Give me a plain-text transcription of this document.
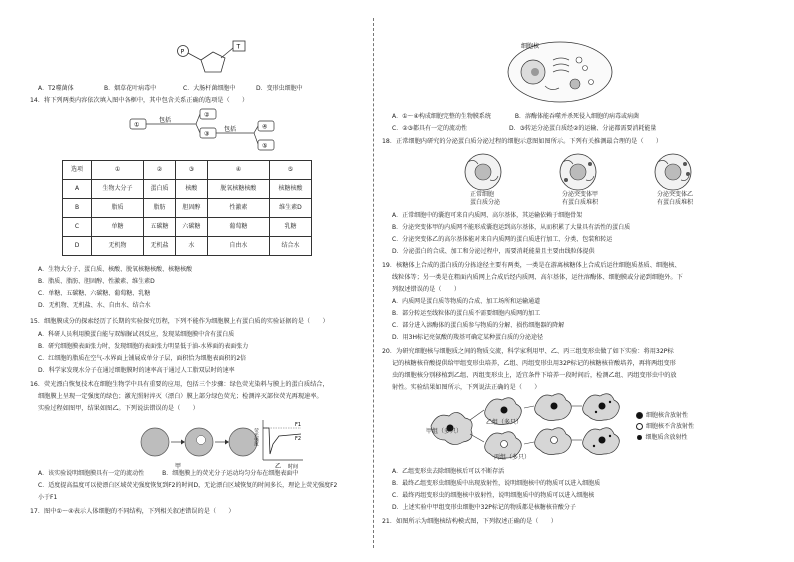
P
T
A．T2噬菌体	B．烟草花叶病毒中	C．大肠杆菌细胞中	D．变形虫细胞中
14．将下列两类内容依次填入图中各框中，其中包含关系正确的选项是（　　）
①
包括
②
③
包括	④
⑤
选项	①	②	③	④	⑤
A	生物大分子	蛋白质	核酸	脱氧核糖核酸	核糖核酸
B	脂质	脂肪	胆固醇	性激素	维生素D
C	单糖	五碳糖	六碳糖	葡萄糖	乳糖
D	无机物	无机盐	水	自由水	结合水
A．生物大分子、蛋白质、核酸、脱氧核糖核酸、核糖核酸
B．脂质、脂肪、胆固醇、性激素、维生素D
C．单糖、五碳糖、六碳糖、葡萄糖、乳糖
D．无机物、无机盐、水、自由水、结合水
15．细胞膜成分的探索经历了长期的实验探究历程，下列不能作为细胞膜上有蛋白质的实验证据的是（　　）
A．科研人员利用膜蛋白能与双缩脲试剂反应，发现某细胞膜中含有蛋白质
B．研究细胞膜表面张力时，发现细胞的表面张力明显低于油-水界面的表面张力
C．红细胞的脂质在空气-水界面上铺展成单分子层，面积恰为细胞表面积的2倍
D．科学家发现水分子在通过细胞膜时的速率高于通过人工脂双层时的速率
16．荧光漂白恢复技术在细胞生物学中具有重要的应用，包括三个步骤：绿色荧光染料与膜上的蛋白质结合，
细胞膜上呈现一定强度的绿色；激光照射淬灭（漂白）膜上部分绿色荧光；检测淬灭部位荧光再现速率。
实验过程如图甲，结果如图乙。下列说法错误的是（　　）
甲
荧光强度
F1
F2
乙 时间
A．该实验说明细胞膜具有一定的流动性　　　B．细胞膜上的荧光分子运动均匀分布在细胞表面中
C．适度提高温度可以使漂白区域荧光强度恢复到F2的时间D，无论漂白区域恢复的时间多长，理论上荧光强度F2
小于F1
17．图中①～④表示人体细胞的不同结构，下列相关叙述错误的是（　　）
细胞核
A．①～④构成细胞完整的生物膜系统　　　　B．溶酶体能吞噬并杀死侵入细胞的病毒或病菌
C．②③都具有一定的流动性　　　　　　　D．③转运分泌蛋白质经②的运输、分泌都需要消耗能量
18．正常细胞内研究的分泌蛋白质分泌过程的细胞示意图如图所示。下列有关推测最合理的是（　　）
正常细胞
蛋白质分泌
分泌突变体甲
有蛋白质堆积
分泌突变体乙
有蛋白质堆积
A．正常细胞中的囊泡可来自内质网、高尔基体，其运输依赖于细胞骨架
B．分泌突变体甲的内质网不能形成囊泡运到高尔基体，从而积累了大量具有活性的蛋白质
C．分泌突变体乙的高尔基体能对来自内质网的蛋白质进行加工、分类、包装和转运
D．分泌蛋白的合成、加工和分泌过程中，需要消耗能量且主要由线粒体提供
19．核糖体上合成的蛋白质的分拣途径主要有两类，一类是在游离核糖体上合成后运往细胞质基质、细胞核、
线粒体等；另一类是在粗面内质网上合成后经内质网、高尔基体，运往溶酶体、细胞膜或分泌到细胞外。下
列叙述错误的是（　　）
A．内质网是蛋白质等物质的合成、加工场所和运输通道
B．部分转运至线粒体的蛋白质不需要细胞内质网的加工
C．部分进入溶酶体的蛋白质参与物质的分解、损伤细胞器的降解
D．用3H标记亮氨酸的羧基可确定某种蛋白质的分泌途径
20．为研究细胞核与细胞质之间的物质交流，科学家利用甲、乙、丙三组变形虫做了如下实验：将用32P标
记的核糖核苷酸提供给甲组变形虫培养，乙组、丙组变形虫用32P标记的核糖核苷酸培养，再将两组变形
虫的细胞核分别移植到乙组、丙组变形虫上，适宜条件下培养一段时间后，检测乙组、丙组变形虫中的放
射性。实验结果如图所示，下列说法正确的是（　　）
乙组（多只）
甲组（多只）
丙组（多只）
细胞核含放射性
细胞核不含放射性
细胞质含放射性
A．乙组变形虫去除细胞核后可以不断存活
B．最终乙组变形虫细胞质中出现放射性，说明细胞核中的物质可以进入细胞质
C．最终丙组变形虫的细胞核中放射性，说明细胞质中的物质可以进入细胞核
D．上述实验中甲组变形虫细胞中32P标记的物质都是核糖核苷酸分子
21．如图所示为细胞核结构模式图，下列叙述正确的是（　　）
